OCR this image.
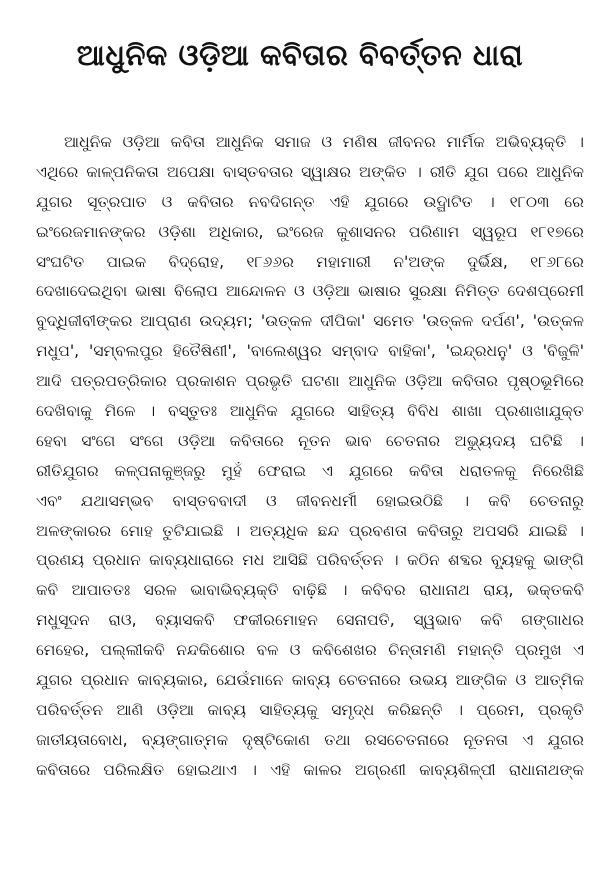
ଆଧୁନିକ ଓଡ଼ିଆ କବିତାର ବିବର୍ତ୍ତନ ଧାରା
ଆଧୁନିକ ଓଡ଼ିଆ କବିତା ଆଧୁନିକ ସମାଜ ଓ ମଣିଷ ଜୀବନର ମାର୍ମିକ ଅଭିବ୍ୟକ୍ତି ।
ଏଥିରେ କାଳ୍ପନିକତା ଅପେକ୍ଷା ବାସ୍ତବତାର ସ୍ୱାକ୍ଷର ଅଙ୍କିତ । ରୀତି ଯୁଗ ପରେ ଆଧୁନିକ
ଯୁଗର ସୂତ୍ରପାତ ଓ କବିତାର ନବଦିଗନ୍ତ ଏହି ଯୁଗରେ ଉଦ୍ଘାଟିତ । ୧୮୦୩ ରେ
ଇଂରେଜମାନଙ୍କର ଓଡ଼ିଶା ଅଧିକାର, ଇଂରେଜ କୁଶାସନର ପରିଣାମ ସ୍ୱରୂପ ୧୮୧୭ରେ
ସଂଘଟିତ ପାଇକ ବିଦ୍ରୋହ, ୧୮୬୬ର ମହାମାରୀ ନ'ଅଙ୍କ ଦୁର୍ଭିକ୍ଷ, ୧୮୬୮ରେ
ଦେଖାଦେଇଥିବା ଭାଷା ବିଲୋପ ଆନ୍ଦୋଳନ ଓ ଓଡ଼ିଆ ଭାଷାର ସୁରକ୍ଷା ନିମିତ୍ତ ଦେଶପ୍ରେମୀ
ବୁଦ୍ଧିଜୀବୀଙ୍କର ଆପ୍ରାଣ ଉଦ୍ୟମ; 'ଉତ୍କଳ ଦୀପିକା' ସମେତ 'ଉତ୍କଳ ଦର୍ପଣ', 'ଉତ୍କଳ
ମଧୁପ', 'ସମ୍ବଲପୁର ହିତୈଷିଣୀ', 'ବାଲେଶ୍ୱର ସମ୍ବାଦ ବାହିକା', 'ଇନ୍ଦ୍ରଧନୁ' ଓ 'ବିଜୁଳି'
ଆଦି ପତ୍ରପତ୍ରିକାର ପ୍ରକାଶନ ପ୍ରଭୃତି ଘଟଣା ଆଧୁନିକ ଓଡ଼ିଆ କବିତାର ପୃଷ୍ଠଭୂମିରେ
ଦେଖିବାକୁ ମିଳେ । ବସ୍ତୁତଃ ଆଧୁନିକ ଯୁଗରେ ସାହିତ୍ୟ ବିବିଧ ଶାଖା ପ୍ରଶାଖାଯୁକ୍ତ
ହେବା ସଂଗେ ସଂଗେ ଓଡ଼ିଆ କବିତାରେ ନୂତନ ଭାବ ଚେତନାର ଅଭ୍ୟୁଦୟ ଘଟିଛି ।
ରୀତିଯୁଗର କଳ୍ପନାକୁଞ୍ଜରୁ ମୁହଁ ଫେରାଇ ଏ ଯୁଗରେ କବିତା ଧରାତଳକୁ ନିରେଖିଛି
ଏବଂ ଯଥାସମ୍ଭବ ବାସ୍ତବବାଦୀ ଓ ଜୀବନଧର୍ମୀ ହୋଇଉଠିଛି । କବି ଚେତନାରୁ
ଅଳଙ୍କାରର ମୋହ ତୁଟିଯାଇଛି । ଅତ୍ୟଧିକ ଛନ୍ଦ ପ୍ରବଣତା କବିତାରୁ ଅପସରି ଯାଇଛି ।
ପ୍ରଣୟ ପ୍ରଧାନ କାବ୍ୟଧାରାରେ ମଧ ଆସିଛି ପରିବର୍ତ୍ତନ । କଠିନ ଶବ୍ଦର ବ୍ୟୂହକୁ ଭାଙ୍ଗି
କବି ଆପାତତଃ ସରଳ ଭାବାଭିବ୍ୟକ୍ତି ବାଢ଼ିଛି । କବିବର ରାଧାନାଥ ରାୟ, ଭକ୍ତକବି
ମଧୁସୂଦନ ରାଓ, ବ୍ୟାସକବି ଫକୀରମୋହନ ସେନାପତି, ସ୍ୱଭାବ କବି ଗଙ୍ଗାଧର
ମେହେର, ପଲ୍ଲୀକବି ନନ୍ଦକିଶୋର ବଳ ଓ କବିଶେଖର ଚିନ୍ତାମଣି ମହାନ୍ତି ପ୍ରମୁଖ ଏ
ଯୁଗର ପ୍ରଧାନ କାବ୍ୟକାର, ଯେଉଁମାନେ କାବ୍ୟ ଚେତନାରେ ଉଭୟ ଆଙ୍ଗିକ ଓ ଆତ୍ମିକ
ପରିବର୍ତ୍ତନ ଆଣି ଓଡ଼ିଆ କାବ୍ୟ ସାହିତ୍ୟକୁ ସମୃଦ୍ଧ କରିଛନ୍ତି । ପ୍ରେମ, ପ୍ରକୃତି
ଜାତୀୟତାବୋଧ, ବ୍ୟଙ୍ଗାତ୍ମକ ଦୃଷ୍ଟିକୋଣ ତଥା ରସଚେତନାରେ ନୂତନତା ଏ ଯୁଗର
କବିତାରେ ପରିଲକ୍ଷିତ ହୋଇଥାଏ । ଏହି କାଳର ଅଗ୍ରଣୀ କାବ୍ୟଶିଳ୍ପୀ ରାଧାନାଥଙ୍କ
